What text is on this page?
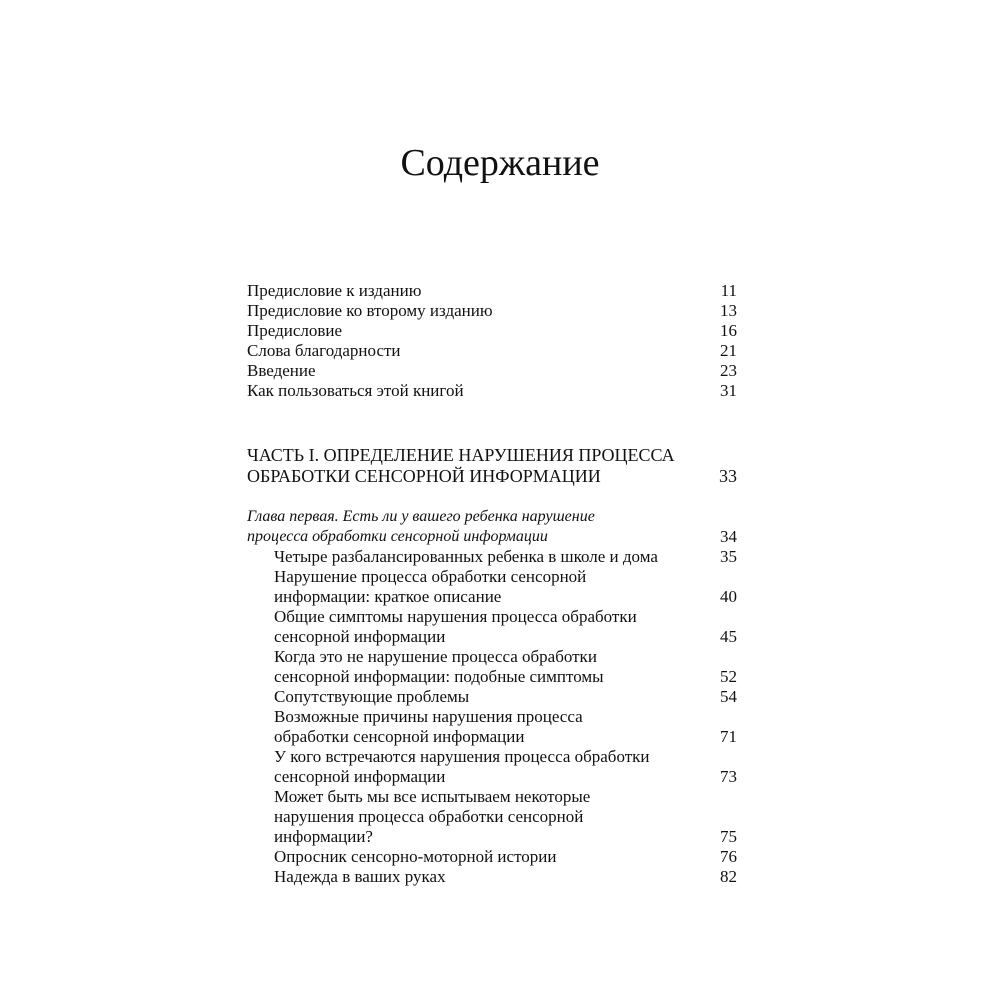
Содержание
Предисловие к изданию	11
Предисловие ко второму изданию	13
Предисловие	16
Слова благодарности	21
Введение	23
Как пользоваться этой книгой	31
ЧАСТЬ I. ОПРЕДЕЛЕНИЕ НАРУШЕНИЯ ПРОЦЕССА
ОБРАБОТКИ СЕНСОРНОЙ ИНФОРМАЦИИ	33
Глава первая. Есть ли у вашего ребенка нарушение
процесса обработки сенсорной информации	34
Четыре разбалансированных ребенка в школе и дома	35
Нарушение процесса обработки сенсорной
информации: краткое описание	40
Общие симптомы нарушения процесса обработки
сенсорной информации	45
Когда это не нарушение процесса обработки
сенсорной информации: подобные симптомы	52
Сопутствующие проблемы	54
Возможные причины нарушения процесса
обработки сенсорной информации	71
У кого встречаются нарушения процесса обработки
сенсорной информации	73
Может быть мы все испытываем некоторые
нарушения процесса обработки сенсорной
информации?	75
Опросник сенсорно-моторной истории	76
Надежда в ваших руках	82
